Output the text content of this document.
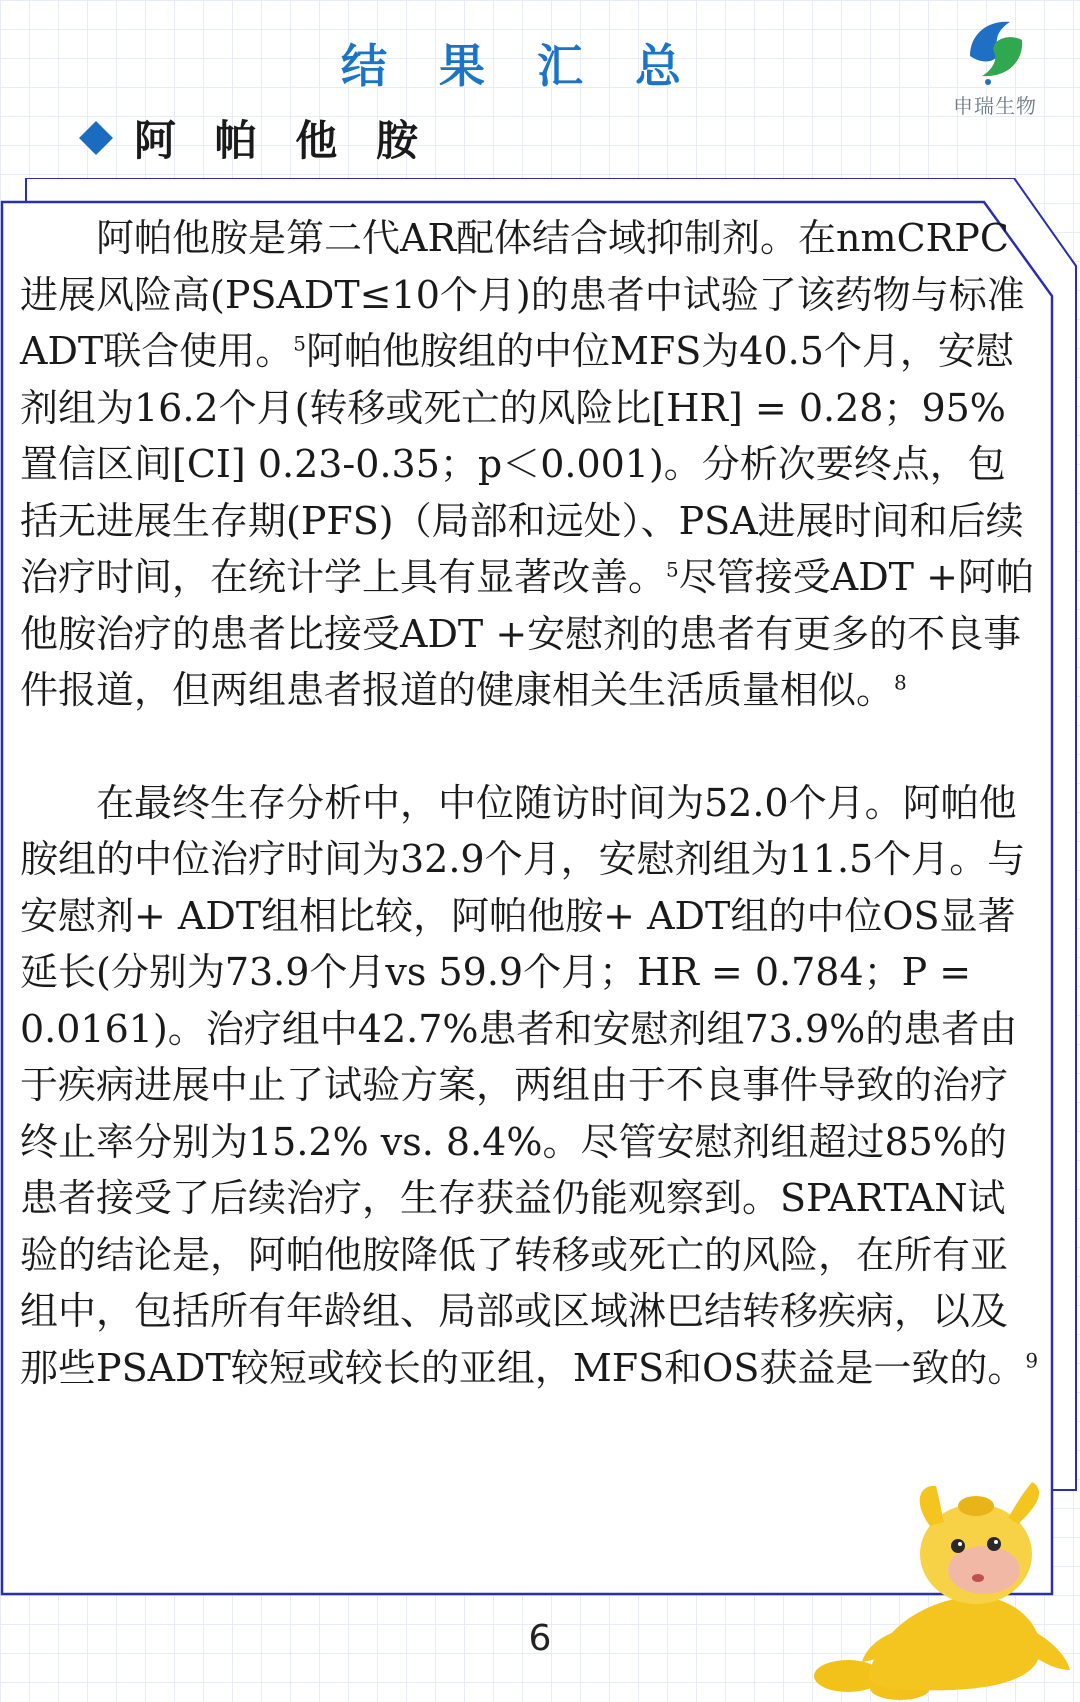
结 果 汇 总
申瑞生物
阿 帕 他 胺

阿帕他胺是第二代AR配体结合域抑制剂。在nmCRPC进展风险高(PSADT≤10个月)的患者中试验了该药物与标准ADT联合使用。$^5$阿帕他胺组的中位MFS为40.5个月，安慰剂组为16.2个月(转移或死亡的风险比[HR] = 0.28；95%置信区间[CI] 0.23-0.35；p＜0.001)。分析次要终点，包括无进展生存期(PFS)（局部和远处）、PSA进展时间和后续治疗时间，在统计学上具有显著改善。$^5$尽管接受ADT +阿帕他胺治疗的患者比接受ADT +安慰剂的患者有更多的不良事件报道，但两组患者报道的健康相关生活质量相似。$^8$

在最终生存分析中，中位随访时间为52.0个月。阿帕他胺组的中位治疗时间为32.9个月，安慰剂组为11.5个月。与安慰剂+ ADT组相比较，阿帕他胺+ ADT组的中位OS显著延长(分别为73.9个月vs 59.9个月；HR = 0.784；P = 0.0161)。治疗组中42.7%患者和安慰剂组73.9%的患者由于疾病进展中止了试验方案，两组由于不良事件导致的治疗终止率分别为15.2% vs. 8.4%。尽管安慰剂组超过85%的患者接受了后续治疗，生存获益仍能观察到。SPARTAN试验的结论是，阿帕他胺降低了转移或死亡的风险，在所有亚组中，包括所有年龄组、局部或区域淋巴结转移疾病，以及那些PSADT较短或较长的亚组，MFS和OS获益是一致的。$^9$

6
